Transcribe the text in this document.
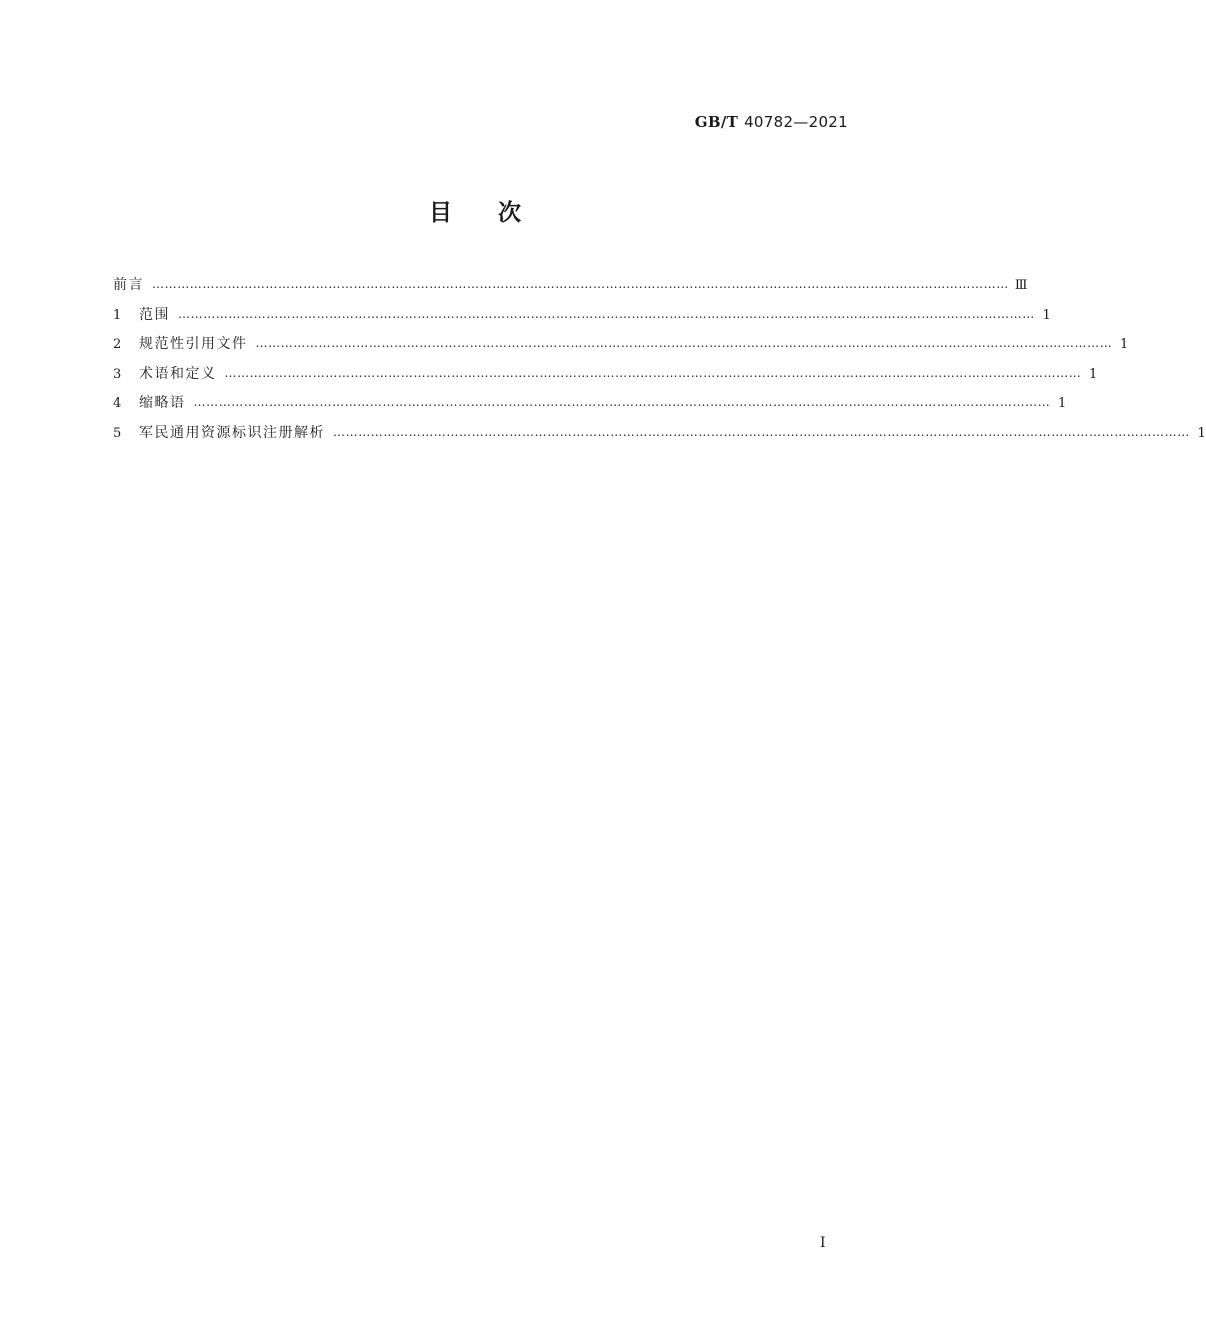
GB/T 40782—2021
目次
前言 …………………………………………………………………………………………………………………………………………………………………………………… Ⅲ
1	范围 …………………………………………………………………………………………………………………………………………………………………………………… 1
2	规范性引用文件 …………………………………………………………………………………………………………………………………………………………………………………… 1
3	术语和定义 …………………………………………………………………………………………………………………………………………………………………………………… 1
4	缩略语 …………………………………………………………………………………………………………………………………………………………………………………… 1
5	军民通用资源标识注册解析 …………………………………………………………………………………………………………………………………………………………………………………… 1
I
